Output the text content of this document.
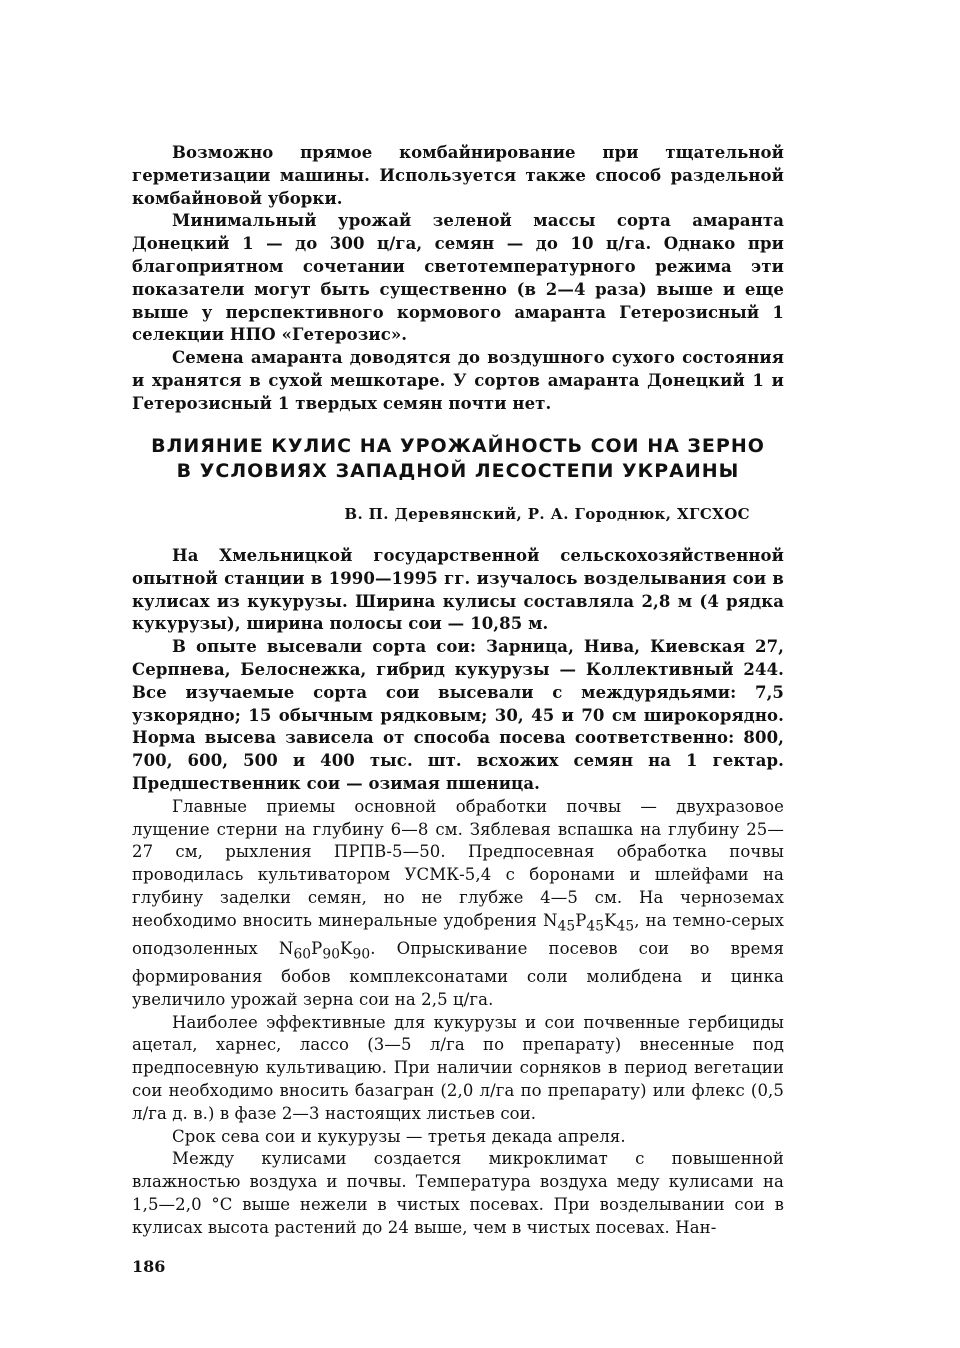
Возможно прямое комбайнирование при тщательной герметизации машины. Используется также способ раздельной комбайновой уборки.

Минимальный урожай зеленой массы сорта амаранта Донецкий 1 — до 300 ц/га, семян — до 10 ц/га. Однако при благоприятном сочетании светотемпературного режима эти показатели могут быть существенно (в 2—4 раза) выше и еще выше у перспективного кормового амаранта Гетерозисный 1 селекции НПО «Гетерозис».

Семена амаранта доводятся до воздушного сухого состояния и хранятся в сухой мешкотаре. У сортов амаранта Донецкий 1 и Гетерозисный 1 твердых семян почти нет.

ВЛИЯНИЕ КУЛИС НА УРОЖАЙНОСТЬ СОИ НА ЗЕРНО
В УСЛОВИЯХ ЗАПАДНОЙ ЛЕСОСТЕПИ УКРАИНЫ

В. П. Деревянский, Р. А. Городнюк, ХГСХОС

На Хмельницкой государственной сельскохозяйственной опытной станции в 1990—1995 гг. изучалось возделывания сои в кулисах из кукурузы. Ширина кулисы составляла 2,8 м (4 рядка кукурузы), ширина полосы сои — 10,85 м.

В опыте высевали сорта сои: Зарница, Нива, Киевская 27, Серпнева, Белоснежка, гибрид кукурузы — Коллективный 244. Все изучаемые сорта сои высевали с междурядьями: 7,5 узкорядно; 15 обычным рядковым; 30, 45 и 70 см широкорядно. Норма высева зависела от способа посева соответственно: 800, 700, 600, 500 и 400 тыс. шт. всхожих семян на 1 гектар. Предшественник сои — озимая пшеница.

Главные приемы основной обработки почвы — двухразовое лущение стерни на глубину 6—8 см. Зяблевая вспашка на глубину 25—27 см, рыхления ПРПВ-5—50. Предпосевная обработка почвы проводилась культиватором УСМК-5,4 с боронами и шлейфами на глубину заделки семян, но не глубже 4—5 см. На черноземах необходимо вносить минеральные удобрения $N_{45}P_{45}K_{45}$, на темно-серых оподзоленных $N_{60}P_{90}K_{90}$. Опрыскивание посевов сои во время формирования бобов комплексонатами соли молибдена и цинка увеличило урожай зерна сои на 2,5 ц/га.

Наиболее эффективные для кукурузы и сои почвенные гербициды ацетал, харнес, лассо (3—5 л/га по препарату) внесенные под предпосевную культивацию. При наличии сорняков в период вегетации сои необходимо вносить базагран (2,0 л/га по препарату) или флекс (0,5 л/га д. в.) в фазе 2—3 настоящих листьев сои.

Срок сева сои и кукурузы — третья декада апреля.

Между кулисами создается микроклимат с повышенной влажностью воздуха и почвы. Температура воздуха меду кулисами на 1,5—2,0 °С выше нежели в чистых посевах. При возделывании сои в кулисах высота растений до 24 выше, чем в чистых посевах. Нан-

186
